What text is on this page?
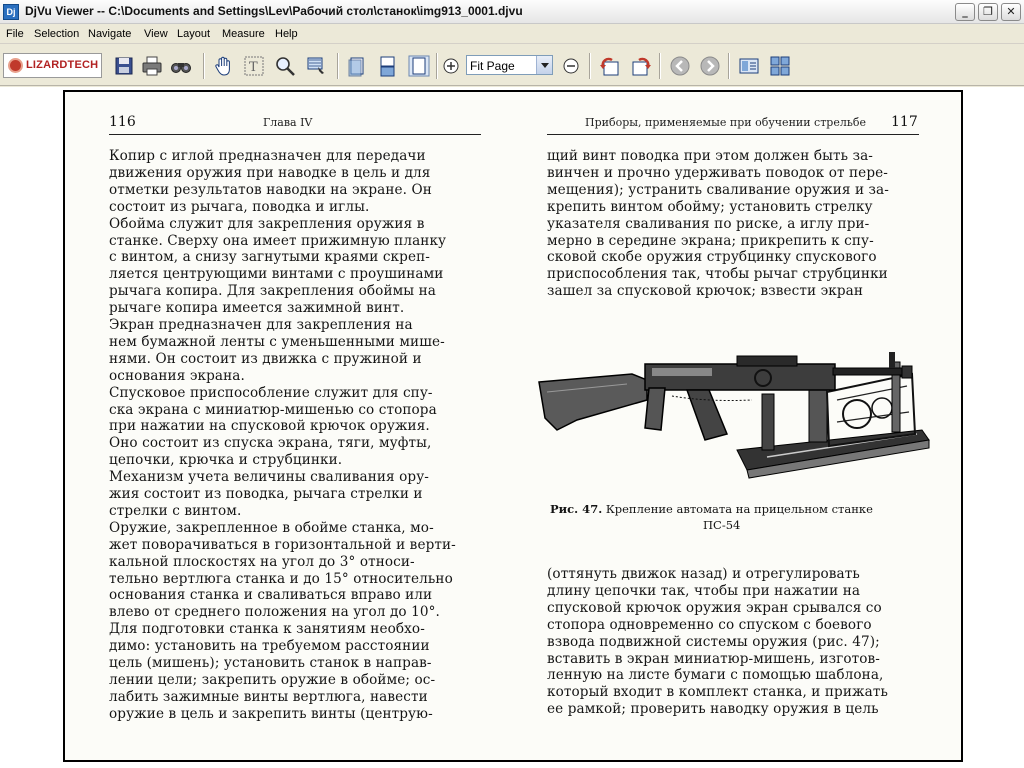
Dj DjVu Viewer -- C:\Documents and Settings\Lev\Рабочий стол\станок\img913_0001.djvu	_	❐	✕
File Selection Navigate View Layout Measure Help
LIZARDTECH	T	Fit Page
116	Глава IV
Копир с иглой предназначен для передачи
движения оружия при наводке в цель и для
отметки результатов наводки на экране. Он
состоит из рычага, поводка и иглы.
Обойма служит для закрепления оружия в
станке. Сверху она имеет прижимную планку
с винтом, а снизу загнутыми краями скреп-
ляется центрующими винтами с проушинами
рычага копира. Для закрепления обоймы на
рычаге копира имеется зажимной винт.
Экран предназначен для закрепления на
нем бумажной ленты с уменьшенными мише-
нями. Он состоит из движка с пружиной и
основания экрана.
Спусковое приспособление служит для спу-
ска экрана с миниатюр-мишенью со стопора
при нажатии на спусковой крючок оружия.
Оно состоит из спуска экрана, тяги, муфты,
цепочки, крючка и струбцинки.
Механизм учета величины сваливания ору-
жия состоит из поводка, рычага стрелки и
стрелки с винтом.
Оружие, закрепленное в обойме станка, мо-
жет поворачиваться в горизонтальной и верти-
кальной плоскостях на угол до 3° относи-
тельно вертлюга станка и до 15° относительно
основания станка и сваливаться вправо или
влево от среднего положения на угол до 10°.
Для подготовки станка к занятиям необхо-
димо: установить на требуемом расстоянии
цель (мишень); установить станок в направ-
лении цели; закрепить оружие в обойме; ос-
лабить зажимные винты вертлюга, навести
оружие в цель и закрепить винты (центрую-
Приборы, применяемые при обучении стрельбе 117
щий винт поводка при этом должен быть за-
винчен и прочно удерживать поводок от пере-
мещения); устранить сваливание оружия и за-
крепить винтом обойму; установить стрелку
указателя сваливания по риске, а иглу при-
мерно в середине экрана; прикрепить к спу-
сковой скобе оружия струбцинку спускового
приспособления так, чтобы рычаг струбцинки
зашел за спусковой крючок; взвести экран
Рис. 47. Крепление автомата на прицельном станке
ПС-54
(оттянуть движок назад) и отрегулировать
длину цепочки так, чтобы при нажатии на
спусковой крючок оружия экран срывался со
стопора одновременно со спуском с боевого
взвода подвижной системы оружия (рис. 47);
вставить в экран миниатюр-мишень, изготов-
ленную на листе бумаги с помощью шаблона,
который входит в комплект станка, и прижать
ее рамкой; проверить наводку оружия в цель
